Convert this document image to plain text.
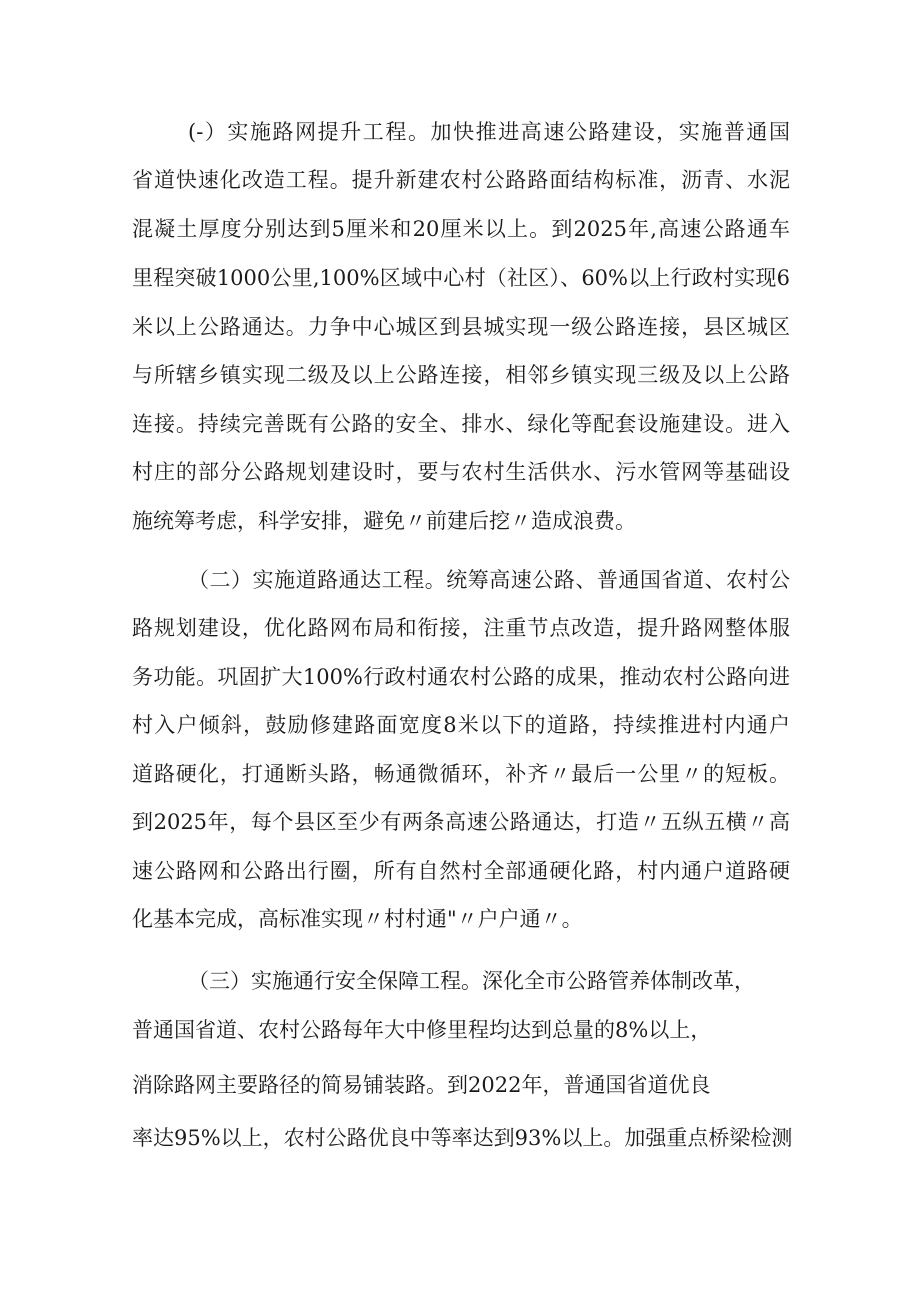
(-）实施路网提升工程。加快推进高速公路建设，实施普通国

省道快速化改造工程。提升新建农村公路路面结构标准，沥青、水泥

混凝土厚度分别达到5厘米和20厘米以上。到2025年,高速公路通车

里程突破1000公里,100%区域中心村（社区）、60%以上行政村实现6

米以上公路通达。力争中心城区到县城实现一级公路连接，县区城区

与所辖乡镇实现二级及以上公路连接，相邻乡镇实现三级及以上公路

连接。持续完善既有公路的安全、排水、绿化等配套设施建设。进入

村庄的部分公路规划建设时，要与农村生活供水、污水管网等基础设

施统筹考虑，科学安排，避免〃前建后挖〃造成浪费。

（二）实施道路通达工程。统筹高速公路、普通国省道、农村公

路规划建设，优化路网布局和衔接，注重节点改造，提升路网整体服

务功能。巩固扩大100%行政村通农村公路的成果，推动农村公路向进

村入户倾斜，鼓励修建路面宽度8米以下的道路，持续推进村内通户

道路硬化，打通断头路，畅通微循环，补齐〃最后一公里〃的短板。

到2025年，每个县区至少有两条高速公路通达，打造〃五纵五横〃高

速公路网和公路出行圈，所有自然村全部通硬化路，村内通户道路硬

化基本完成，高标准实现〃村村通"〃户户通〃。

（三）实施通行安全保障工程。深化全市公路管养体制改革，

普通国省道、农村公路每年大中修里程均达到总量的8%以上，

消除路网主要路径的简易铺装路。到2022年，普通国省道优良

率达95%以上，农村公路优良中等率达到93%以上。加强重点桥梁检测
